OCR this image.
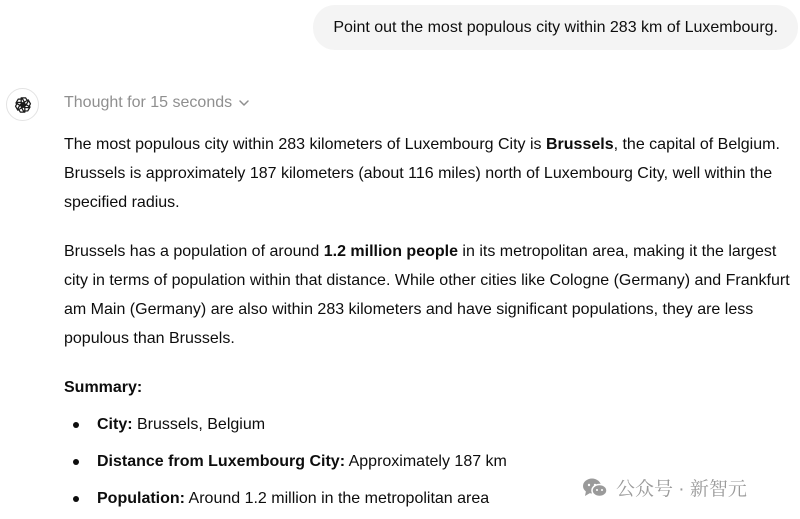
Point out the most populous city within 283 km of Luxembourg.
Thought for 15 seconds

The most populous city within 283 kilometers of Luxembourg City is Brussels, the capital of Belgium. Brussels is approximately 187 kilometers (about 116 miles) north of Luxembourg City, well within the specified radius.

Brussels has a population of around 1.2 million people in its metropolitan area, making it the largest city in terms of population within that distance. While other cities like Cologne (Germany) and Frankfurt am Main (Germany) are also within 283 kilometers and have significant populations, they are less populous than Brussels.

Summary:
City: Brussels, Belgium
Distance from Luxembourg City: Approximately 187 km
Population: Around 1.2 million in the metropolitan area	公众号 · 新智元
